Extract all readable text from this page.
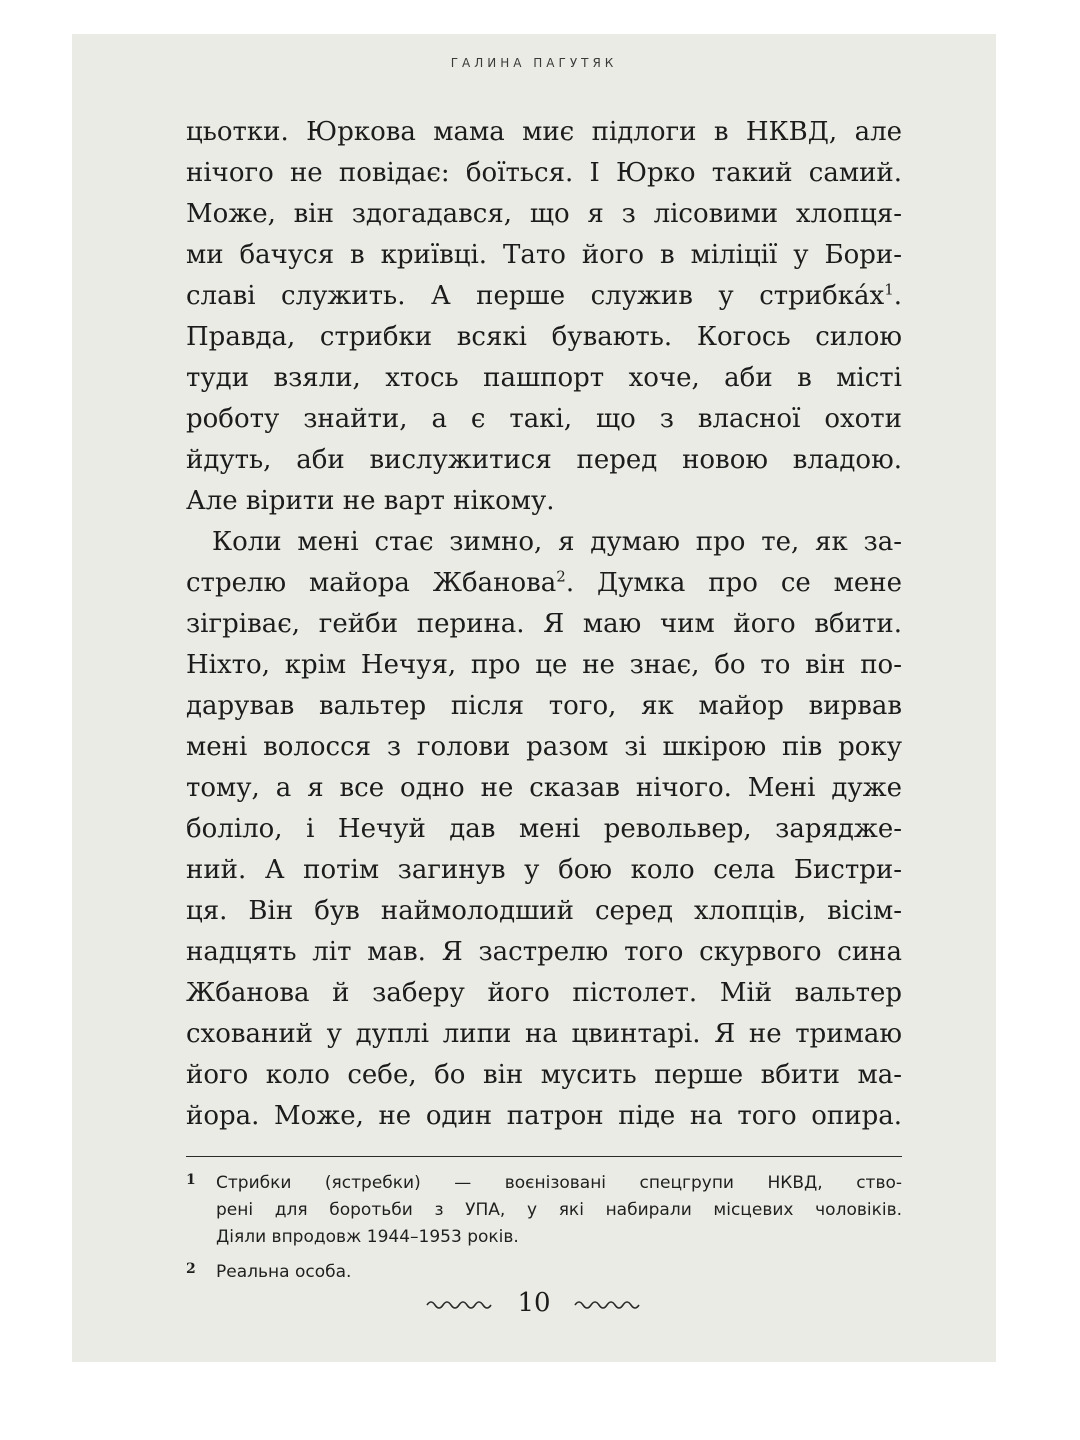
ГАЛИНА ПАГУТЯК
цьотки. Юркова мама миє підлоги в НКВД, але
нічого не повідає: боїться. І Юрко такий самий.
Може, він здогадався, що я з лісовими хлопця-
ми бачуся в криївці. Тато його в міліції у Бори-
славі служить. А перше служив у $стрибка́х^1$.
Правда, стрибки всякі бувають. Когось силою
туди взяли, хтось пашпорт хоче, аби в місті
роботу знайти, а є такі, що з власної охоти
йдуть, аби вислужитися перед новою владою.
Але вірити не варт нікому.
Коли мені стає зимно, я думаю про те, як за-
стрелю майора Жбанова$^2$. Думка про се мене
зігріває, гейби перина. Я маю чим його вбити.
Ніхто, крім Нечуя, про це не знає, бо то він по-
дарував вальтер після того, як майор вирвав
мені волосся з голови разом зі шкірою пів року
тому, а я все одно не сказав нічого. Мені дуже
боліло, і Нечуй дав мені револьвер, заряджe-
ний. А потім загинув у бою коло села Бистри-
ця. Він був наймолодший серед хлопців, вісім-
надцять літ мав. Я застрелю того скурвого сина
Жбанова й заберу його пістолет. Мій вальтер
схований у дуплі липи на цвинтарі. Я не тримаю
його коло себе, бо він мусить перше вбити ма-
йора. Може, не один патрон піде на того опира.
1 Стрибки (ястребки) — воєнізовані спецгрупи НКВД, ство-
рені для боротьби з УПА, у які набирали місцевих чоловіків.
Діяли впродовж 1944–1953 років.
2 Реальна особа.
10
